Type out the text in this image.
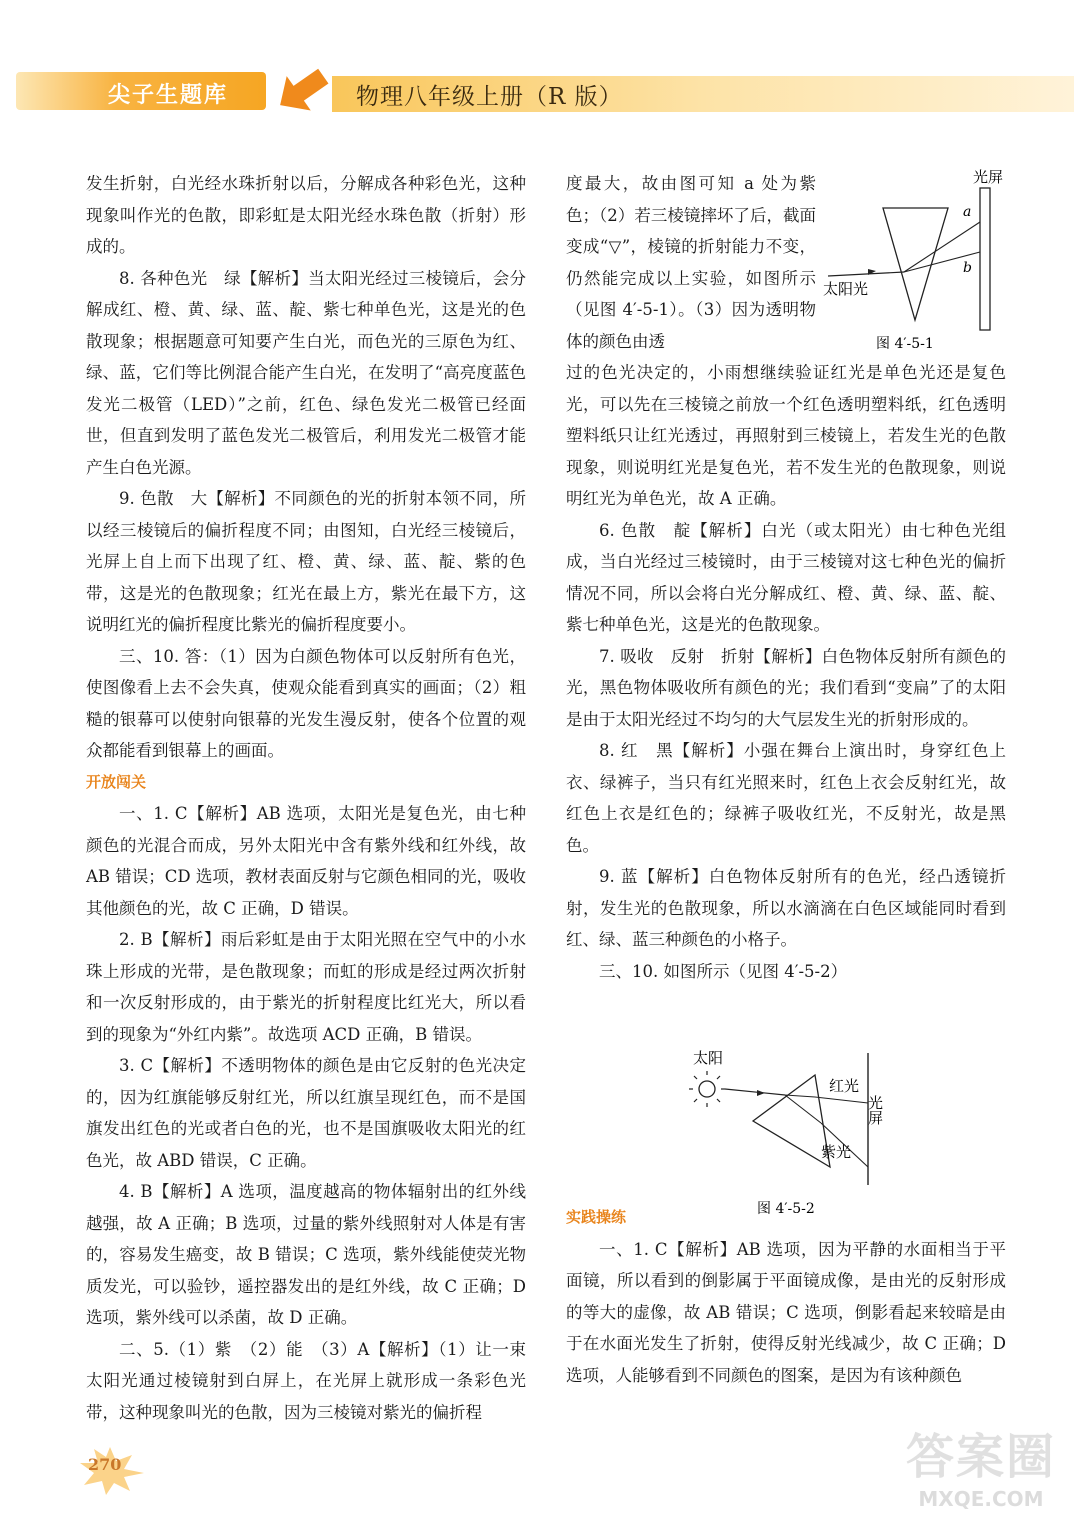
尖子生题库	物理八年级上册（R 版）

发生折射，白光经水珠折射以后，分解成各种彩色光，这种现象叫作光的色散，即彩虹是太阳光经水珠色散（折射）形成的。

8. 各种色光　绿【解析】当太阳光经过三棱镜后，会分解成红、橙、黄、绿、蓝、靛、紫七种单色光，这是光的色散现象；根据题意可知要产生白光，而色光的三原色为红、绿、蓝，它们等比例混合能产生白光，在发明了“高亮度蓝色发光二极管（LED）”之前，红色、绿色发光二极管已经面世，但直到发明了蓝色发光二极管后，利用发光二极管才能产生白色光源。

9. 色散　大【解析】不同颜色的光的折射本领不同，所以经三棱镜后的偏折程度不同；由图知，白光经三棱镜后，光屏上自上而下出现了红、橙、黄、绿、蓝、靛、紫的色带，这是光的色散现象；红光在最上方，紫光在最下方，这说明红光的偏折程度比紫光的偏折程度要小。

三、10. 答：（1）因为白颜色物体可以反射所有色光，使图像看上去不会失真，使观众能看到真实的画面；（2）粗糙的银幕可以使射向银幕的光发生漫反射，使各个位置的观众都能看到银幕上的画面。

开放闯关

一、1. C【解析】AB 选项，太阳光是复色光，由七种颜色的光混合而成，另外太阳光中含有紫外线和红外线，故 AB 错误；CD 选项，教材表面反射与它颜色相同的光，吸收其他颜色的光，故 C 正确，D 错误。

2. B【解析】雨后彩虹是由于太阳光照在空气中的小水珠上形成的光带，是色散现象；而虹的形成是经过两次折射和一次反射形成的，由于紫光的折射程度比红光大，所以看到的现象为“外红内紫”。故选项 ACD 正确，B 错误。

3. C【解析】不透明物体的颜色是由它反射的色光决定的，因为红旗能够反射红光，所以红旗呈现红色，而不是国旗发出红色的光或者白色的光，也不是国旗吸收太阳光的红色光，故 ABD 错误，C 正确。

4. B【解析】A 选项，温度越高的物体辐射出的红外线越强，故 A 正确；B 选项，过量的紫外线照射对人体是有害的，容易发生癌变，故 B 错误；C 选项，紫外线能使荧光物质发光，可以验钞，遥控器发出的是红外线，故 C 正确；D 选项，紫外线可以杀菌，故 D 正确。

二、5.（1）紫　（2）能　（3）A【解析】（1）让一束太阳光通过棱镜射到白屏上，在光屏上就形成一条彩色光带，这种现象叫光的色散，因为三棱镜对紫光的偏折程

度最大，故由图可知 a 处为紫色；（2）若三棱镜摔坏了后，截面变成“▽”，棱镜的折射能力不变，仍然能完成以上实验，如图所示（见图 4′-5-1）。（3）因为透明物体的颜色由透

过的色光决定的，小雨想继续验证红光是单色光还是复色光，可以先在三棱镜之前放一个红色透明塑料纸，红色透明塑料纸只让红光透过，再照射到三棱镜上，若发生光的色散现象，则说明红光是复色光，若不发生光的色散现象，则说明红光为单色光，故 A 正确。

6. 色散　靛【解析】白光（或太阳光）由七种色光组成，当白光经过三棱镜时，由于三棱镜对这七种色光的偏折情况不同，所以会将白光分解成红、橙、黄、绿、蓝、靛、紫七种单色光，这是光的色散现象。

7. 吸收　反射　折射【解析】白色物体反射所有颜色的光，黑色物体吸收所有颜色的光；我们看到“变扁”了的太阳是由于太阳光经过不均匀的大气层发生光的折射形成的。

8. 红　黑【解析】小强在舞台上演出时，身穿红色上衣、绿裤子，当只有红光照来时，红色上衣会反射红光，故红色上衣是红色的；绿裤子吸收红光，不反射光，故是黑色。

9. 蓝【解析】白色物体反射所有的色光，经凸透镜折射，发生光的色散现象，所以水滴滴在白色区域能同时看到红、绿、蓝三种颜色的小格子。

三、10. 如图所示（见图 4′-5-2）

实践操练

一、1. C【解析】AB 选项，因为平静的水面相当于平面镜，所以看到的倒影属于平面镜成像，是由光的反射形成的等大的虚像，故 AB 错误；C 选项，倒影看起来较暗是由于在水面光发生了折射，使得反射光线减少，故 C 正确；D 选项，人能够看到不同颜色的图案，是因为有该种颜色

光屏
a
b
太阳光
图 4′-5-1
太阳
红光
紫光
光屏
图 4′-5-2
270	答案圈
MXQE.COM
